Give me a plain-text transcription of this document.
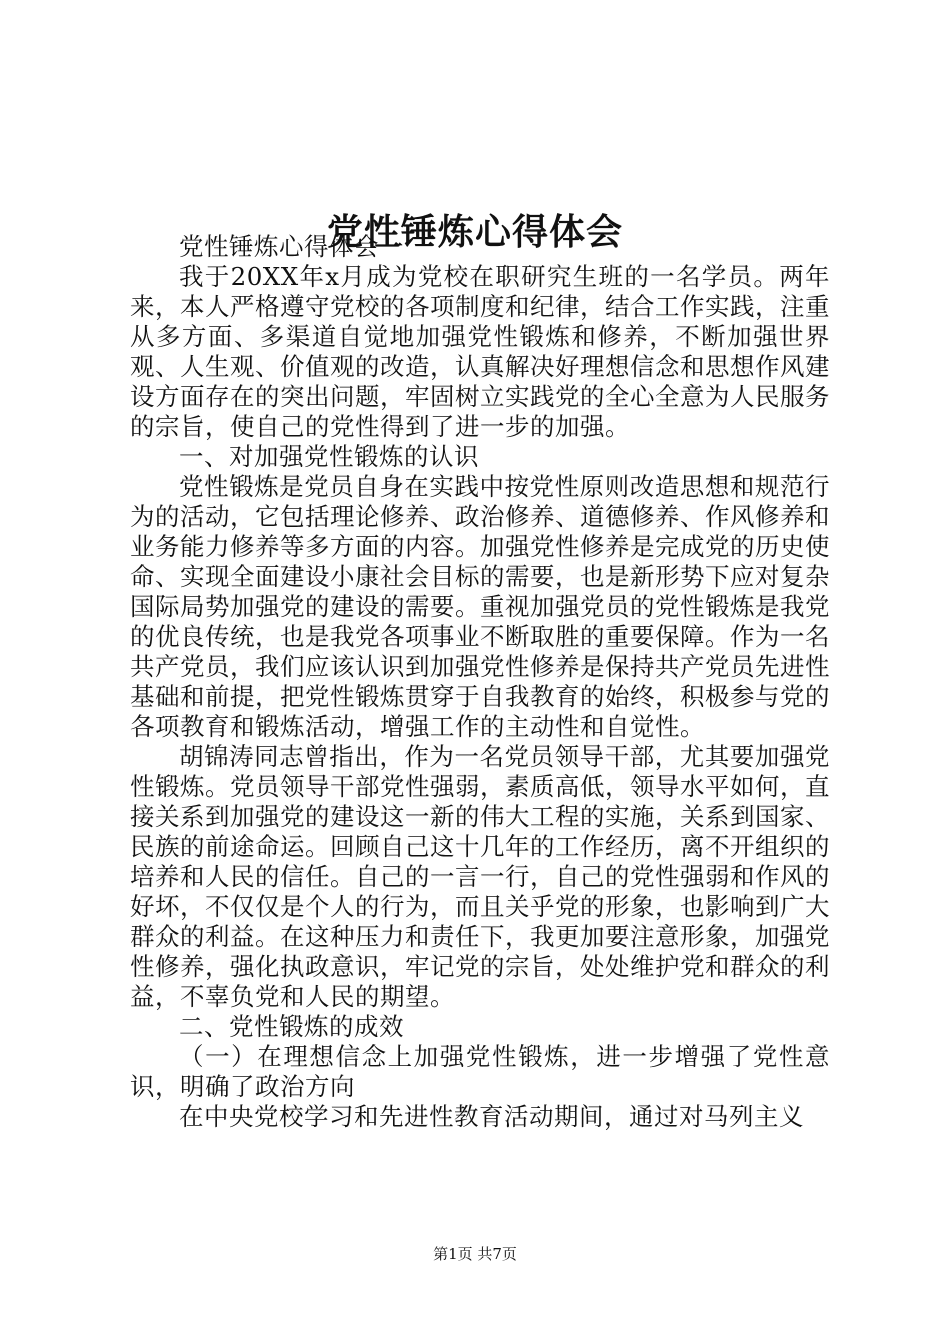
党性锤炼心得体会

党性锤炼心得体会一

我于20XX年x月成为党校在职研究生班的一名学员。两年来，本人严格遵守党校的各项制度和纪律，结合工作实践，注重从多方面、多渠道自觉地加强党性锻炼和修养，不断加强世界观、人生观、价值观的改造，认真解决好理想信念和思想作风建设方面存在的突出问题，牢固树立实践党的全心全意为人民服务的宗旨，使自己的党性得到了进一步的加强。

一、对加强党性锻炼的认识

党性锻炼是党员自身在实践中按党性原则改造思想和规范行为的活动，它包括理论修养、政治修养、道德修养、作风修养和业务能力修养等多方面的内容。加强党性修养是完成党的历史使命、实现全面建设小康社会目标的需要，也是新形势下应对复杂国际局势加强党的建设的需要。重视加强党员的党性锻炼是我党的优良传统，也是我党各项事业不断取胜的重要保障。作为一名共产党员，我们应该认识到加强党性修养是保持共产党员先进性基础和前提，把党性锻炼贯穿于自我教育的始终，积极参与党的各项教育和锻炼活动，增强工作的主动性和自觉性。

胡锦涛同志曾指出，作为一名党员领导干部，尤其要加强党性锻炼。党员领导干部党性强弱，素质高低，领导水平如何，直接关系到加强党的建设这一新的伟大工程的实施，关系到国家、民族的前途命运。回顾自己这十几年的工作经历，离不开组织的培养和人民的信任。自己的一言一行，自己的党性强弱和作风的好坏，不仅仅是个人的行为，而且关乎党的形象，也影响到广大群众的利益。在这种压力和责任下，我更加要注意形象，加强党性修养，强化执政意识，牢记党的宗旨，处处维护党和群众的利益，不辜负党和人民的期望。

二、党性锻炼的成效

（一）在理想信念上加强党性锻炼，进一步增强了党性意识，明确了政治方向

在中央党校学习和先进性教育活动期间，通过对马列主义

第1页 共7页
